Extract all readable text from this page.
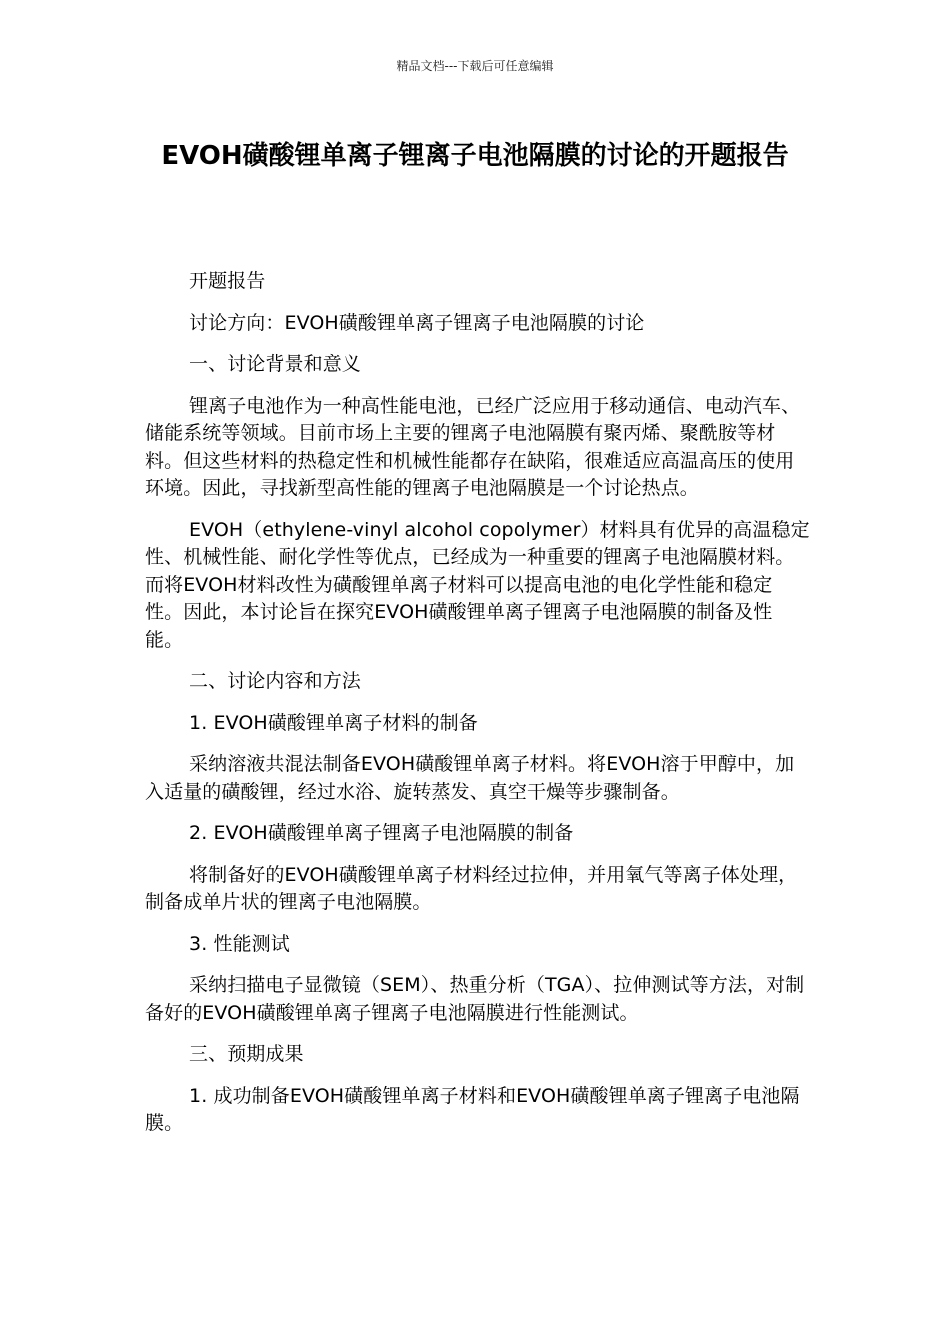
精品文档---下载后可任意编辑
EVOH磺酸锂单离子锂离子电池隔膜的讨论的开题报告

开题报告

讨论方向：EVOH磺酸锂单离子锂离子电池隔膜的讨论

一、讨论背景和意义

锂离子电池作为一种高性能电池，已经广泛应用于移动通信、电动汽车、储能系统等领域。目前市场上主要的锂离子电池隔膜有聚丙烯、聚酰胺等材料。但这些材料的热稳定性和机械性能都存在缺陷，很难适应高温高压的使用环境。因此，寻找新型高性能的锂离子电池隔膜是一个讨论热点。

EVOH（ethylene-vinyl alcohol copolymer）材料具有优异的高温稳定性、机械性能、耐化学性等优点，已经成为一种重要的锂离子电池隔膜材料。而将EVOH材料改性为磺酸锂单离子材料可以提高电池的电化学性能和稳定性。因此，本讨论旨在探究EVOH磺酸锂单离子锂离子电池隔膜的制备及性能。

二、讨论内容和方法

1. EVOH磺酸锂单离子材料的制备

采纳溶液共混法制备EVOH磺酸锂单离子材料。将EVOH溶于甲醇中，加入适量的磺酸锂，经过水浴、旋转蒸发、真空干燥等步骤制备。

2. EVOH磺酸锂单离子锂离子电池隔膜的制备

将制备好的EVOH磺酸锂单离子材料经过拉伸，并用氧气等离子体处理，制备成单片状的锂离子电池隔膜。

3. 性能测试

采纳扫描电子显微镜（SEM）、热重分析（TGA）、拉伸测试等方法，对制备好的EVOH磺酸锂单离子锂离子电池隔膜进行性能测试。

三、预期成果

1. 成功制备EVOH磺酸锂单离子材料和EVOH磺酸锂单离子锂离子电池隔膜。
